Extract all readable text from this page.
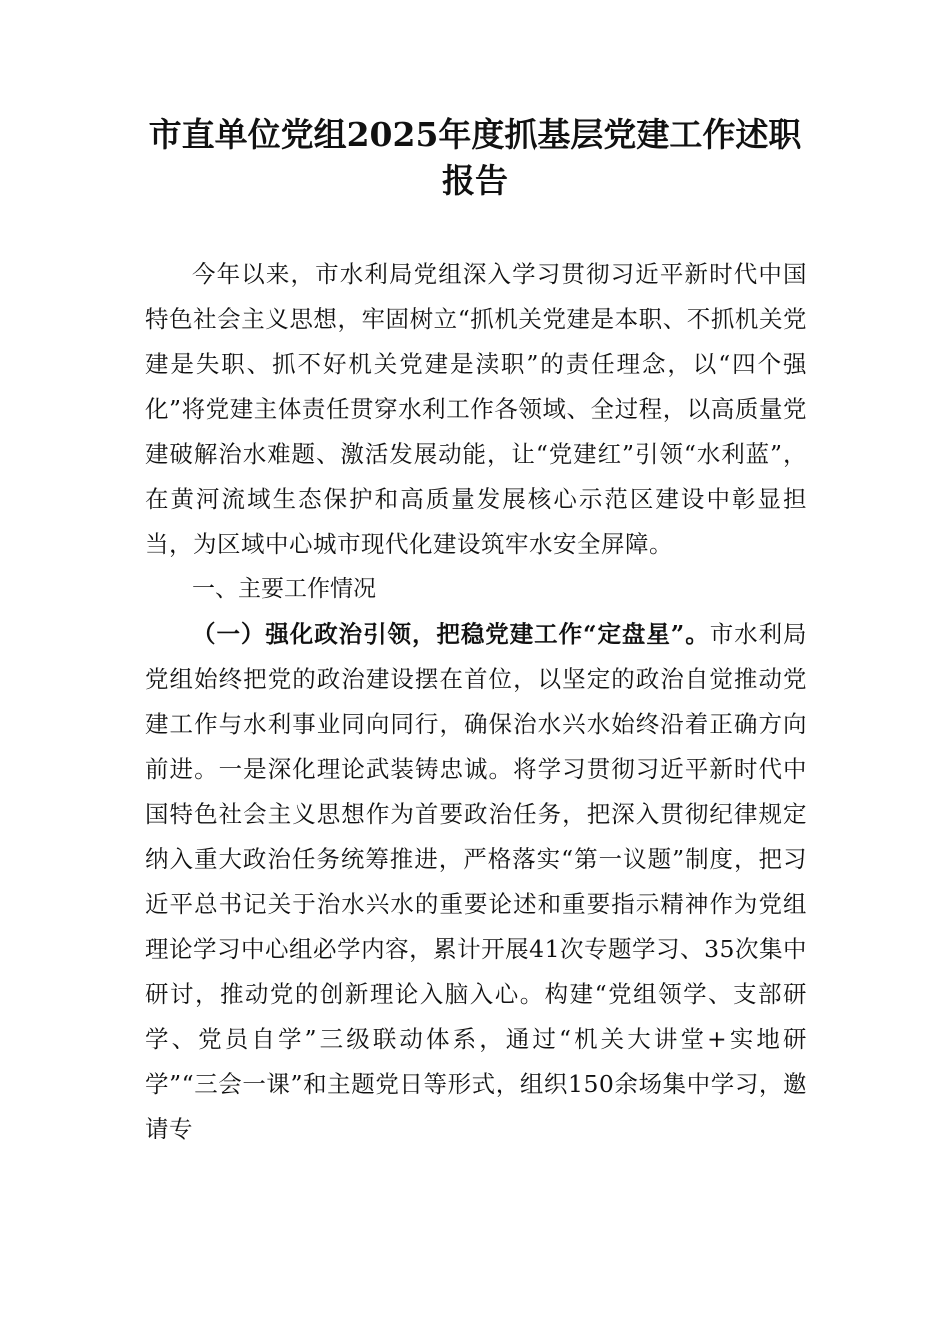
市直单位党组2025年度抓基层党建工作述职报告

今年以来，市水利局党组深入学习贯彻习近平新时代中国特色社会主义思想，牢固树立“抓机关党建是本职、不抓机关党建是失职、抓不好机关党建是渎职”的责任理念，以“四个强化”将党建主体责任贯穿水利工作各领域、全过程，以高质量党建破解治水难题、激活发展动能，让“党建红”引领“水利蓝”，在黄河流域生态保护和高质量发展核心示范区建设中彰显担当，为区域中心城市现代化建设筑牢水安全屏障。

一、主要工作情况

（一）强化政治引领，把稳党建工作“定盘星”。市水利局党组始终把党的政治建设摆在首位，以坚定的政治自觉推动党建工作与水利事业同向同行，确保治水兴水始终沿着正确方向前进。一是深化理论武装铸忠诚。将学习贯彻习近平新时代中国特色社会主义思想作为首要政治任务，把深入贯彻纪律规定纳入重大政治任务统筹推进，严格落实“第一议题”制度，把习近平总书记关于治水兴水的重要论述和重要指示精神作为党组理论学习中心组必学内容，累计开展41次专题学习、35次集中研讨，推动党的创新理论入脑入心。构建“党组领学、支部研学、党员自学”三级联动体系，通过“机关大讲堂+实地研学”“三会一课”和主题党日等形式，组织150余场集中学习，邀请专
